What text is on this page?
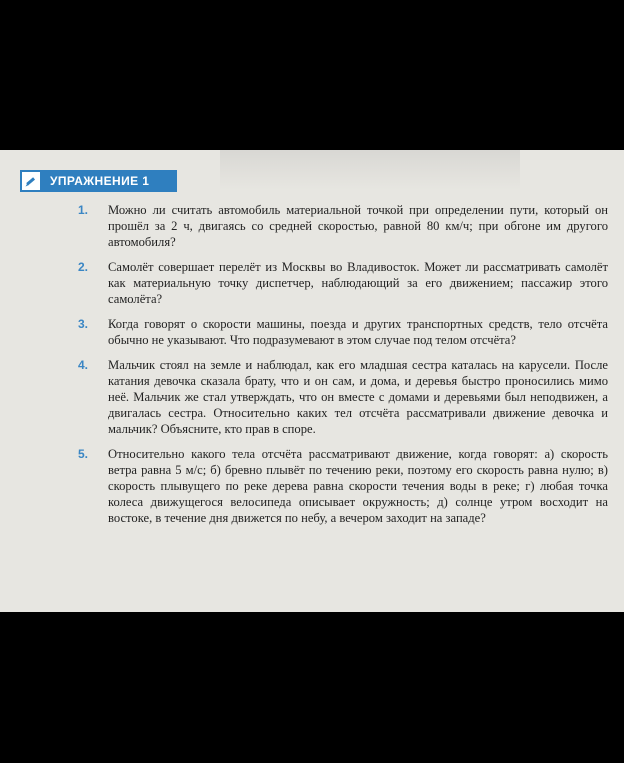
УПРАЖНЕНИЕ 1
1.	Можно ли считать автомобиль материальной точкой при определении пути, который он прошёл за 2 ч, двигаясь со средней скоростью, равной 80 км/ч; при обгоне им другого автомобиля?
2.	Самолёт совершает перелёт из Москвы во Владивосток. Может ли рассматривать самолёт как материальную точку диспетчер, наблюдающий за его движением; пассажир этого самолёта?
3.	Когда говорят о скорости машины, поезда и других транспортных средств, тело отсчёта обычно не указывают. Что подразумевают в этом случае под телом отсчёта?
4.	Мальчик стоял на земле и наблюдал, как его младшая сестра каталась на карусели. После катания девочка сказала брату, что и он сам, и дома, и деревья быстро проносились мимо неё. Мальчик же стал утверждать, что он вместе с домами и деревьями был неподвижен, а двигалась сестра. Относительно каких тел отсчёта рассматривали движение девочка и мальчик? Объясните, кто прав в споре.
5.	Относительно какого тела отсчёта рассматривают движение, когда говорят: а) скорость ветра равна 5 м/с; б) бревно плывёт по течению реки, поэтому его скорость равна нулю; в) скорость плывущего по реке дерева равна скорости течения воды в реке; г) любая точка колеса движущегося велосипеда описывает окружность; д) солнце утром восходит на востоке, в течение дня движется по небу, а вечером заходит на западе?
